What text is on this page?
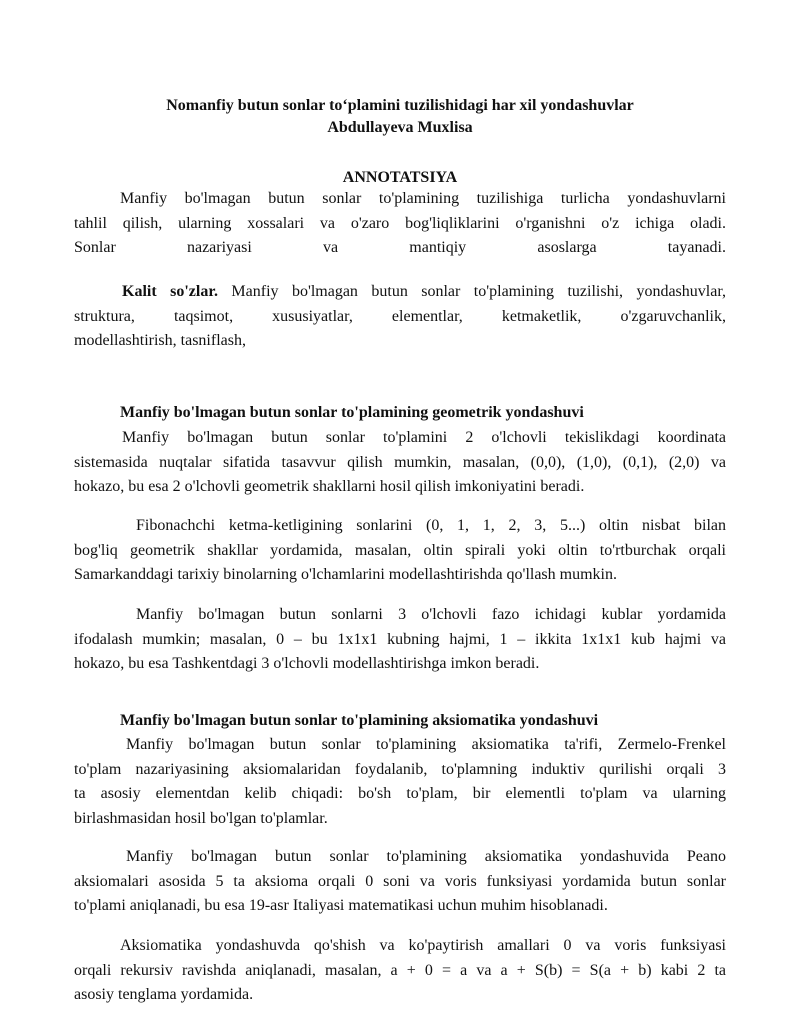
Nomanfiy butun sonlar to‘plamini tuzilishidagi har xil yondashuvlar
Abdullayeva Muxlisa
ANNOTATSIYA

Manfiy bo'lmagan butun sonlar to'plamining tuzilishiga turlicha yondashuvlarni
tahlil qilish, ularning xossalari va o'zaro bog'liqliklarini o'rganishni o'z ichiga oladi.
Sonlar nazariyasi va mantiqiy asoslarga tayanadi.

Kalit so'zlar. Manfiy bo'lmagan butun sonlar to'plamining tuzilishi, yondashuvlar,
struktura, taqsimot, xususiyatlar, elementlar, ketmaketlik, o'zgaruvchanlik,
modellashtirish, tasniflash,

Manfiy bo'lmagan butun sonlar to'plamining geometrik yondashuvi

Manfiy bo'lmagan butun sonlar to'plamini 2 o'lchovli tekislikdagi koordinata
sistemasida nuqtalar sifatida tasavvur qilish mumkin, masalan, (0,0), (1,0), (0,1), (2,0) va
hokazo, bu esa 2 o'lchovli geometrik shakllarni hosil qilish imkoniyatini beradi.

Fibonachchi ketma-ketligining sonlarini (0, 1, 1, 2, 3, 5...) oltin nisbat bilan
bog'liq geometrik shakllar yordamida, masalan, oltin spirali yoki oltin to'rtburchak orqali
Samarkanddagi tarixiy binolarning o'lchamlarini modellashtirishda qo'llash mumkin.

Manfiy bo'lmagan butun sonlarni 3 o'lchovli fazo ichidagi kublar yordamida
ifodalash mumkin; masalan, 0 – bu 1x1x1 kubning hajmi, 1 – ikkita 1x1x1 kub hajmi va
hokazo, bu esa Tashkentdagi 3 o'lchovli modellashtirishga imkon beradi.

Manfiy bo'lmagan butun sonlar to'plamining aksiomatika yondashuvi

Manfiy bo'lmagan butun sonlar to'plamining aksiomatika ta'rifi, Zermelo-Frenkel
to'plam nazariyasining aksiomalaridan foydalanib, to'plamning induktiv qurilishi orqali 3
ta asosiy elementdan kelib chiqadi: bo'sh to'plam, bir elementli to'plam va ularning
birlashmasidan hosil bo'lgan to'plamlar.

Manfiy bo'lmagan butun sonlar to'plamining aksiomatika yondashuvida Peano
aksiomalari asosida 5 ta aksioma orqali 0 soni va voris funksiyasi yordamida butun sonlar
to'plami aniqlanadi, bu esa 19-asr Italiyasi matematikasi uchun muhim hisoblanadi.

Aksiomatika yondashuvda qo'shish va ko'paytirish amallari 0 va voris funksiyasi
orqali rekursiv ravishda aniqlanadi, masalan, a + 0 = a va a + S(b) = S(a + b) kabi 2 ta
asosiy tenglama yordamida.
